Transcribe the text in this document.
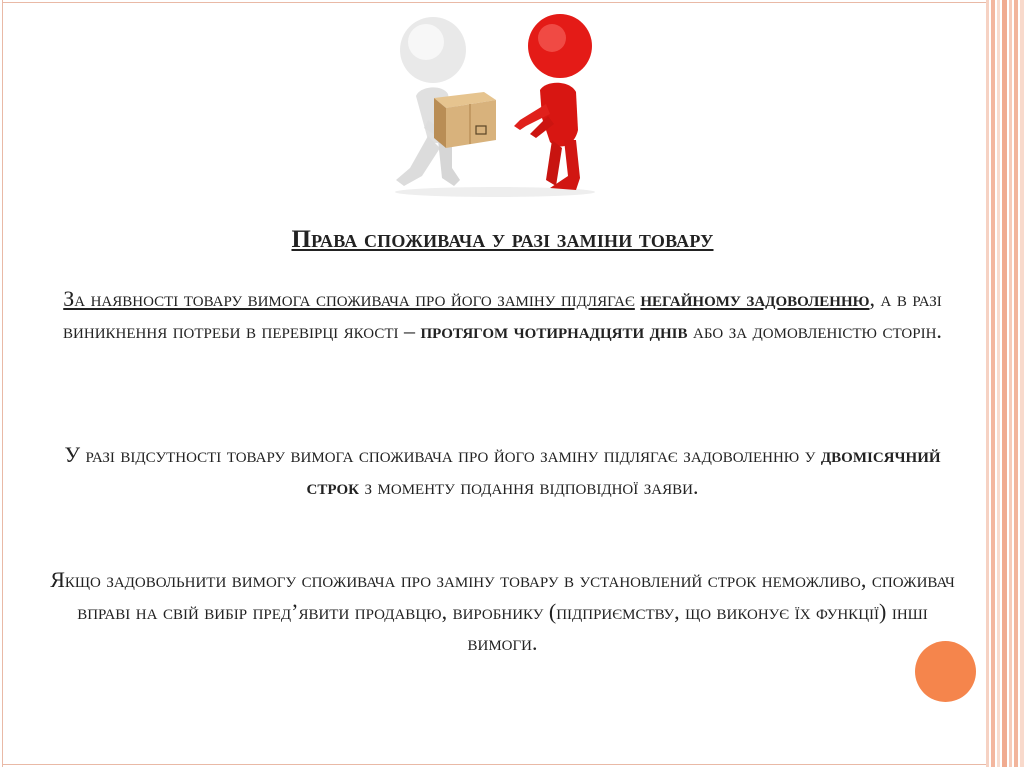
Права споживача у разі заміни товару

За наявності товару вимога споживача про його заміну підлягає негайному задоволенню, а в разі виникнення потреби в перевірці якості – протягом чотирнадцяти днів або за домовленістю сторін.

У разі відсутності товару вимога споживача про його заміну підлягає задоволенню у двомісячний строк з моменту подання відповідної заяви.

Якщо задовольнити вимогу споживача про заміну товару в установлений строк неможливо, споживач вправі на свій вибір пред’явити продавцю, виробнику (підприємству, що виконує їх функції) інші вимоги.
